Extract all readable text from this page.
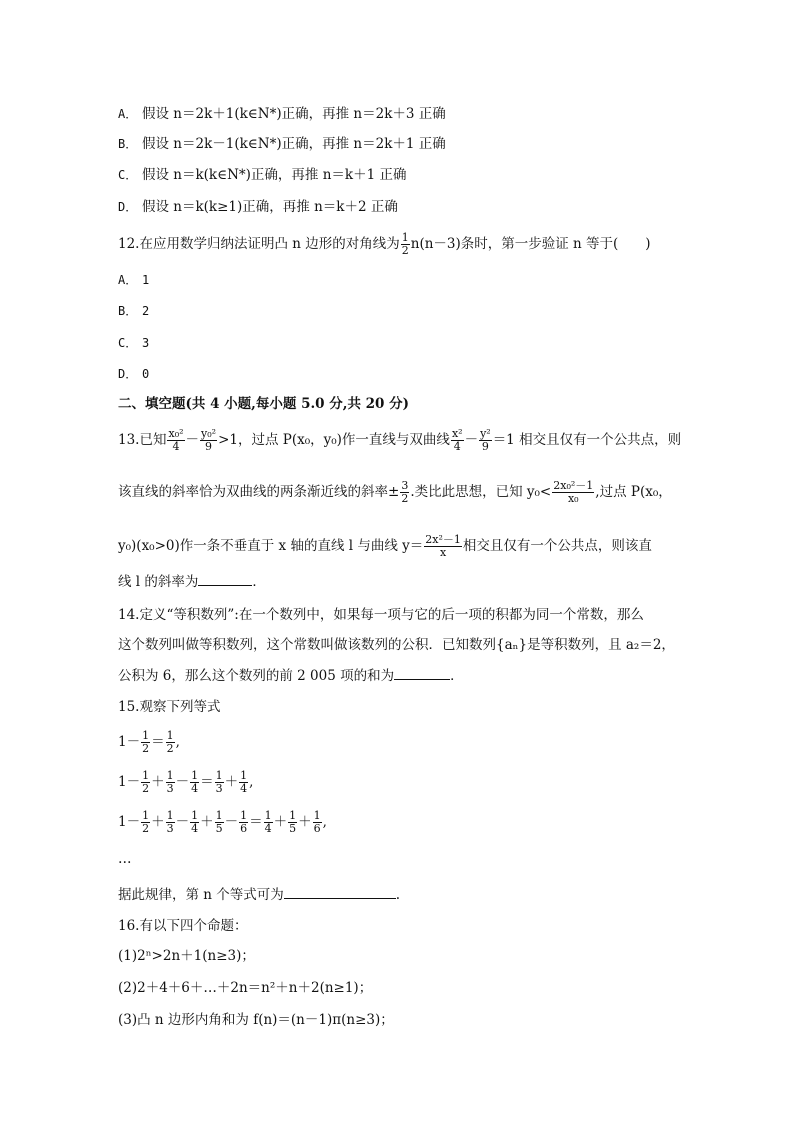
A． 假设 n＝2k＋1(k∈N*)正确，再推 n＝2k＋3 正确
B． 假设 n＝2k－1(k∈N*)正确，再推 n＝2k＋1 正确
C． 假设 n＝k(k∈N*)正确，再推 n＝k＋1 正确
D． 假设 n＝k(k≥1)正确，再推 n＝k＋2 正确
12.在应用数学归纳法证明凸 n 边形的对角线为 $\frac{1}{2} n(n-3)$条时，第一步验证 n 等于(　　)
A． 1
B． 2
C． 3
D． 0
二、填空题(共 4 小题,每小题 5.0 分,共 20 分)
13.已知 $\frac{\text{x₀²}}{4} - \frac{\text{y₀²}}{9} >1$，过点 P(x₀，y₀)作一直线与双曲线 $\frac{\text{x²}}{4} - \frac{\text{y²}}{9} =1$ 相交且仅有一个公共点，则
该直线的斜率恰为双曲线的两条渐近线的斜率± $\frac{3}{2}$ .类比此思想，已知 $y_0< \frac{\text{2x₀²－1}}{\text{x₀}}$ ,过点 P(x₀，
y₀)(x₀>0)作一条不垂直于 x 轴的直线 l 与曲线 $y= \frac{\text{2x²－1}}{x}$ 相交且仅有一个公共点，则该直
线 l 的斜率为	．
14.定义“等积数列”:在一个数列中，如果每一项与它的后一项的积都为同一个常数，那么
这个数列叫做等积数列，这个常数叫做该数列的公积．已知数列{aₙ}是等积数列，且 a₂＝2，
公积为 6，那么这个数列的前 2 005 项的和为	．
15.观察下列等式
$1- \frac{1}{2} = \frac{1}{2}$ ,
$1- \frac{1}{2} + \frac{1}{3} - \frac{1}{4} = \frac{1}{3} + \frac{1}{4}$ ,
$1- \frac{1}{2} + \frac{1}{3} - \frac{1}{4} + \frac{1}{5} - \frac{1}{6} = \frac{1}{4} + \frac{1}{5} + \frac{1}{6}$ ,
…
据此规律，第 n 个等式可为	.
16.有以下四个命题：
(1)2ⁿ>2n＋1(n≥3)；
(2)2＋4＋6＋…＋2n＝n²＋n＋2(n≥1)；
(3)凸 n 边形内角和为 f(n)＝(n－1)π(n≥3)；
